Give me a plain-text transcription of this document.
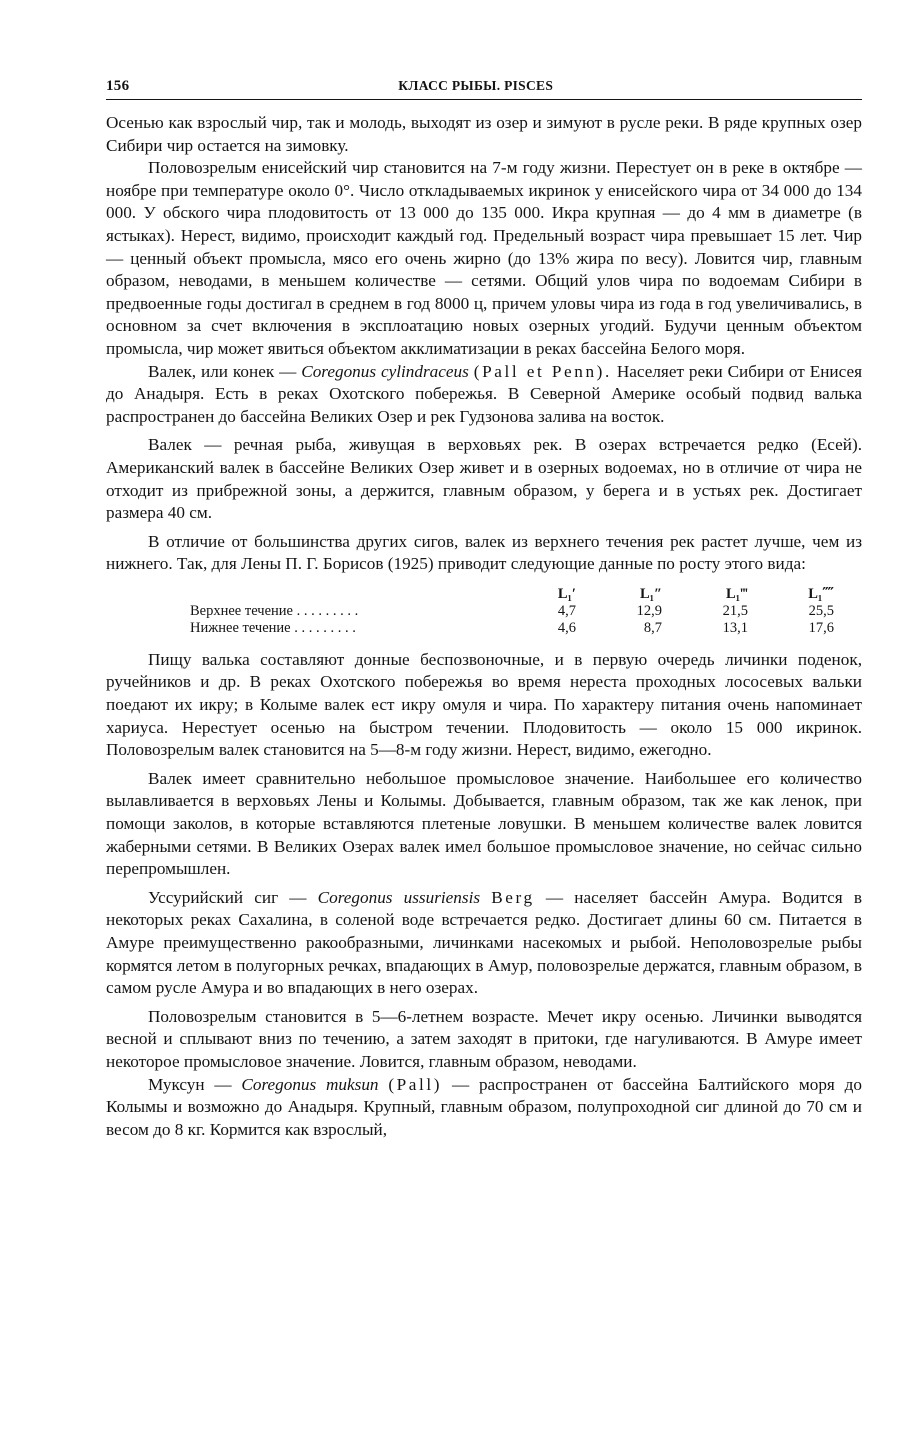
156	КЛАСС РЫБЫ. PISCES

Осенью как взрослый чир, так и молодь, выходят из озер и зимуют в русле реки. В ряде крупных озер Сибири чир остается на зимовку.

Половозрелым енисейский чир становится на 7-м году жизни. Перестует он в реке в октябре — ноябре при температуре около 0°. Число откладываемых икринок у енисейского чира от 34 000 до 134 000. У обского чира плодовитость от 13 000 до 135 000. Икра крупная — до 4 мм в диаметре (в ястыках). Нерест, видимо, происходит каждый год. Предельный возраст чира превышает 15 лет. Чир — ценный объект промысла, мясо его очень жирно (до 13% жира по весу). Ловится чир, главным образом, неводами, в меньшем количестве — сетями. Общий улов чира по водоемам Сибири в предвоенные годы достигал в среднем в год 8000 ц, причем уловы чира из года в год увеличивались, в основном за счет включения в эксплоатацию новых озерных угодий. Будучи ценным объектом промысла, чир может явиться объектом акклиматизации в реках бассейна Белого моря.

Валек, или конек — Coregonus cylindraceus (Pall et Penn). Населяет реки Сибири от Енисея до Анадыря. Есть в реках Охотского побережья. В Северной Америке особый подвид валька распространен до бассейна Великих Озер и рек Гудзонова залива на восток.

Валек — речная рыба, живущая в верховьях рек. В озерах встречается редко (Есей). Американский валек в бассейне Великих Озер живет и в озерных водоемах, но в отличие от чира не отходит из прибрежной зоны, а держится, главным образом, у берега и в устьях рек. Достигает размера 40 см.

В отличие от большинства других сигов, валек из верхнего течения рек растет лучше, чем из нижнего. Так, для Лены П. Г. Борисов (1925) приводит следующие данные по росту этого вида:

	L₁′	L₁″	L₁‴	L₁⁗
Верхнее течение . . . . . . . . .	4,7	12,9	21,5	25,5
Нижнее течение . . . . . . . . .	4,6	8,7	13,1	17,6

Пищу валька составляют донные беспозвоночные, и в первую очередь личинки поденок, ручейников и др. В реках Охотского побережья во время нереста проходных лососевых вальки поедают их икру; в Колыме валек ест икру омуля и чира. По характеру питания очень напоминает хариуса. Нерестует осенью на быстром течении. Плодовитость — около 15 000 икринок. Половозрелым валек становится на 5—8-м году жизни. Нерест, видимо, ежегодно.

Валек имеет сравнительно небольшое промысловое значение. Наибольшее его количество вылавливается в верховьях Лены и Колымы. Добывается, главным образом, так же как ленок, при помощи заколов, в которые вставляются плетеные ловушки. В меньшем количестве валек ловится жаберными сетями. В Великих Озерах валек имел большое промысловое значение, но сейчас сильно перепромышлен.

Уссурийский сиг — Coregonus ussuriensis Berg — населяет бассейн Амура. Водится в некоторых реках Сахалина, в соленой воде встречается редко. Достигает длины 60 см. Питается в Амуре преимущественно ракообразными, личинками насекомых и рыбой. Неполовозрелые рыбы кормятся летом в полугорных речках, впадающих в Амур, половозрелые держатся, главным образом, в самом русле Амура и во впадающих в него озерах.

Половозрелым становится в 5—6-летнем возрасте. Мечет икру осенью. Личинки выводятся весной и сплывают вниз по течению, а затем заходят в притоки, где нагуливаются. В Амуре имеет некоторое промысловое значение. Ловится, главным образом, неводами.

Муксун — Coregonus muksun (Pall) — распространен от бассейна Балтийского моря до Колымы и возможно до Анадыря. Крупный, главным образом, полупроходной сиг длиной до 70 см и весом до 8 кг. Кормится как взрослый,
